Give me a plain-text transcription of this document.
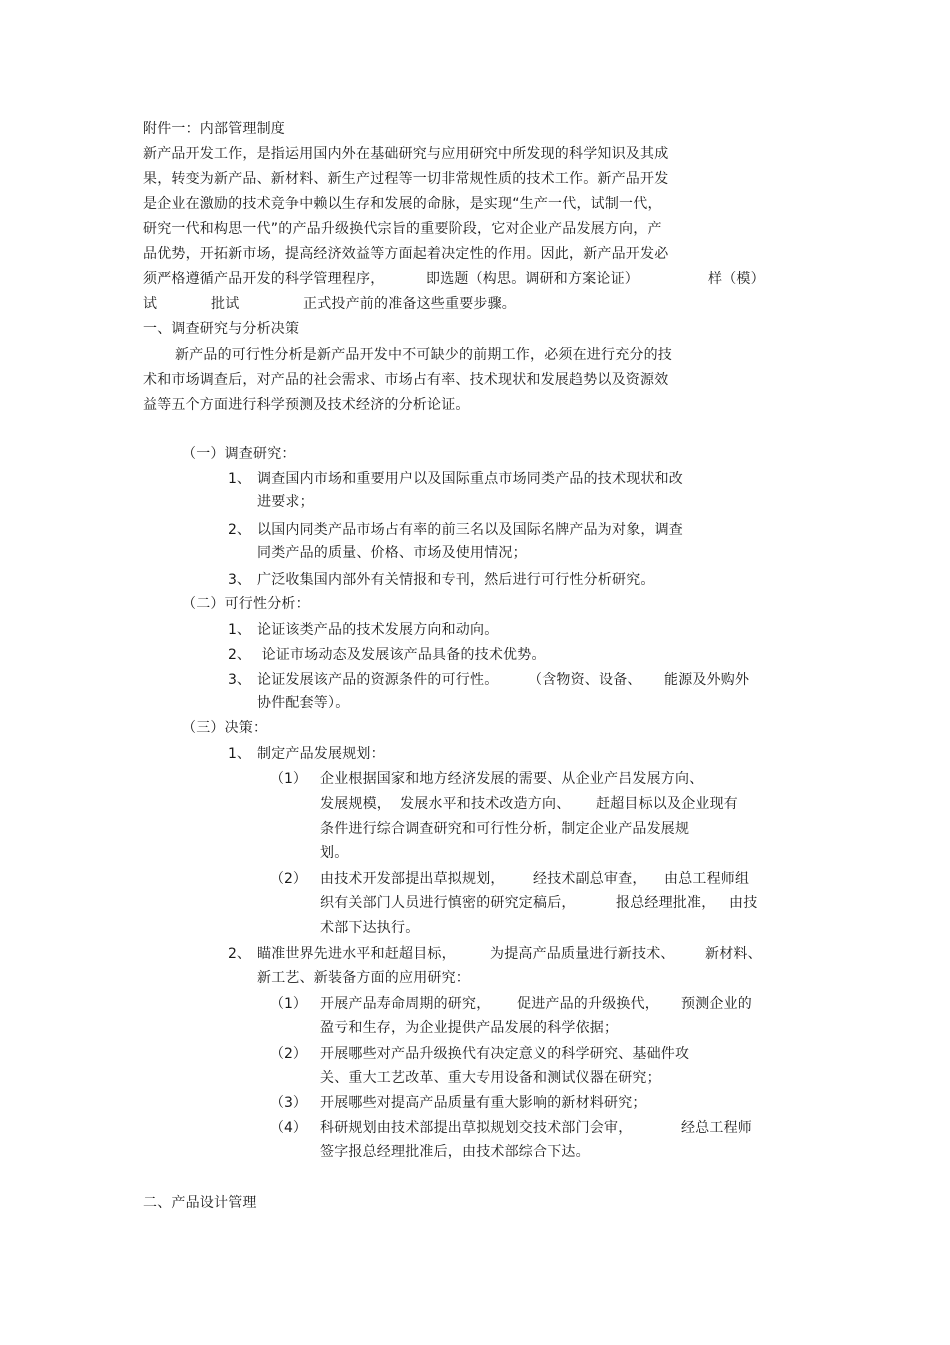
附件一：内部管理制度
新产品开发工作，是指运用国内外在基础研究与应用研究中所发现的科学知识及其成
果，转变为新产品、新材料、新生产过程等一切非常规性质的技术工作。新产品开发
是企业在激励的技术竞争中赖以生存和发展的命脉，是实现“生产一代，试制一代，
研究一代和构思一代”的产品升级换代宗旨的重要阶段，它对企业产品发展方向，产
品优势，开拓新市场，提高经济效益等方面起着决定性的作用。因此，新产品开发必
须严格遵循产品开发的科学管理程序，	即选题（构思。调研和方案论证）	样（模）
试	批试	正式投产前的准备这些重要步骤。
一、调查研究与分析决策
新产品的可行性分析是新产品开发中不可缺少的前期工作，必须在进行充分的技
术和市场调查后，对产品的社会需求、市场占有率、技术现状和发展趋势以及资源效
益等五个方面进行科学预测及技术经济的分析论证。
（一）调查研究：
1、 调查国内市场和重要用户以及国际重点市场同类产品的技术现状和改
进要求；
2、 以国内同类产品市场占有率的前三名以及国际名牌产品为对象，调查
同类产品的质量、价格、市场及使用情况；
3、 广泛收集国内部外有关情报和专刊，然后进行可行性分析研究。
（二）可行性分析：
1、 论证该类产品的技术发展方向和动向。
2、 论证市场动态及发展该产品具备的技术优势。
3、 论证发展该产品的资源条件的可行性。 （含物资、设备、 能源及外购外
协件配套等）。
（三）决策：
1、 制定产品发展规划：
（1） 企业根据国家和地方经济发展的需要、从企业产吕发展方向、
发展规模， 发展水平和技术改造方向、 赶超目标以及企业现有
条件进行综合调查研究和可行性分析，制定企业产品发展规
划。
（2） 由技术开发部提出草拟规划， 经技术副总审查， 由总工程师组
织有关部门人员进行慎密的研究定稿后，	报总经理批准， 由技
术部下达执行。
2、 瞄准世界先进水平和赶超目标， 为提高产品质量进行新技术、 新材料、
新工艺、新装备方面的应用研究：
（1） 开展产品寿命周期的研究， 促进产品的升级换代， 预测企业的
盈亏和生存，为企业提供产品发展的科学依据；
（2） 开展哪些对产品升级换代有决定意义的科学研究、基础件攻
关、重大工艺改革、重大专用设备和测试仪器在研究；
（3） 开展哪些对提高产品质量有重大影响的新材料研究；
（4） 科研规划由技术部提出草拟规划交技术部门会审，	经总工程师
签字报总经理批准后，由技术部综合下达。
二、产品设计管理
